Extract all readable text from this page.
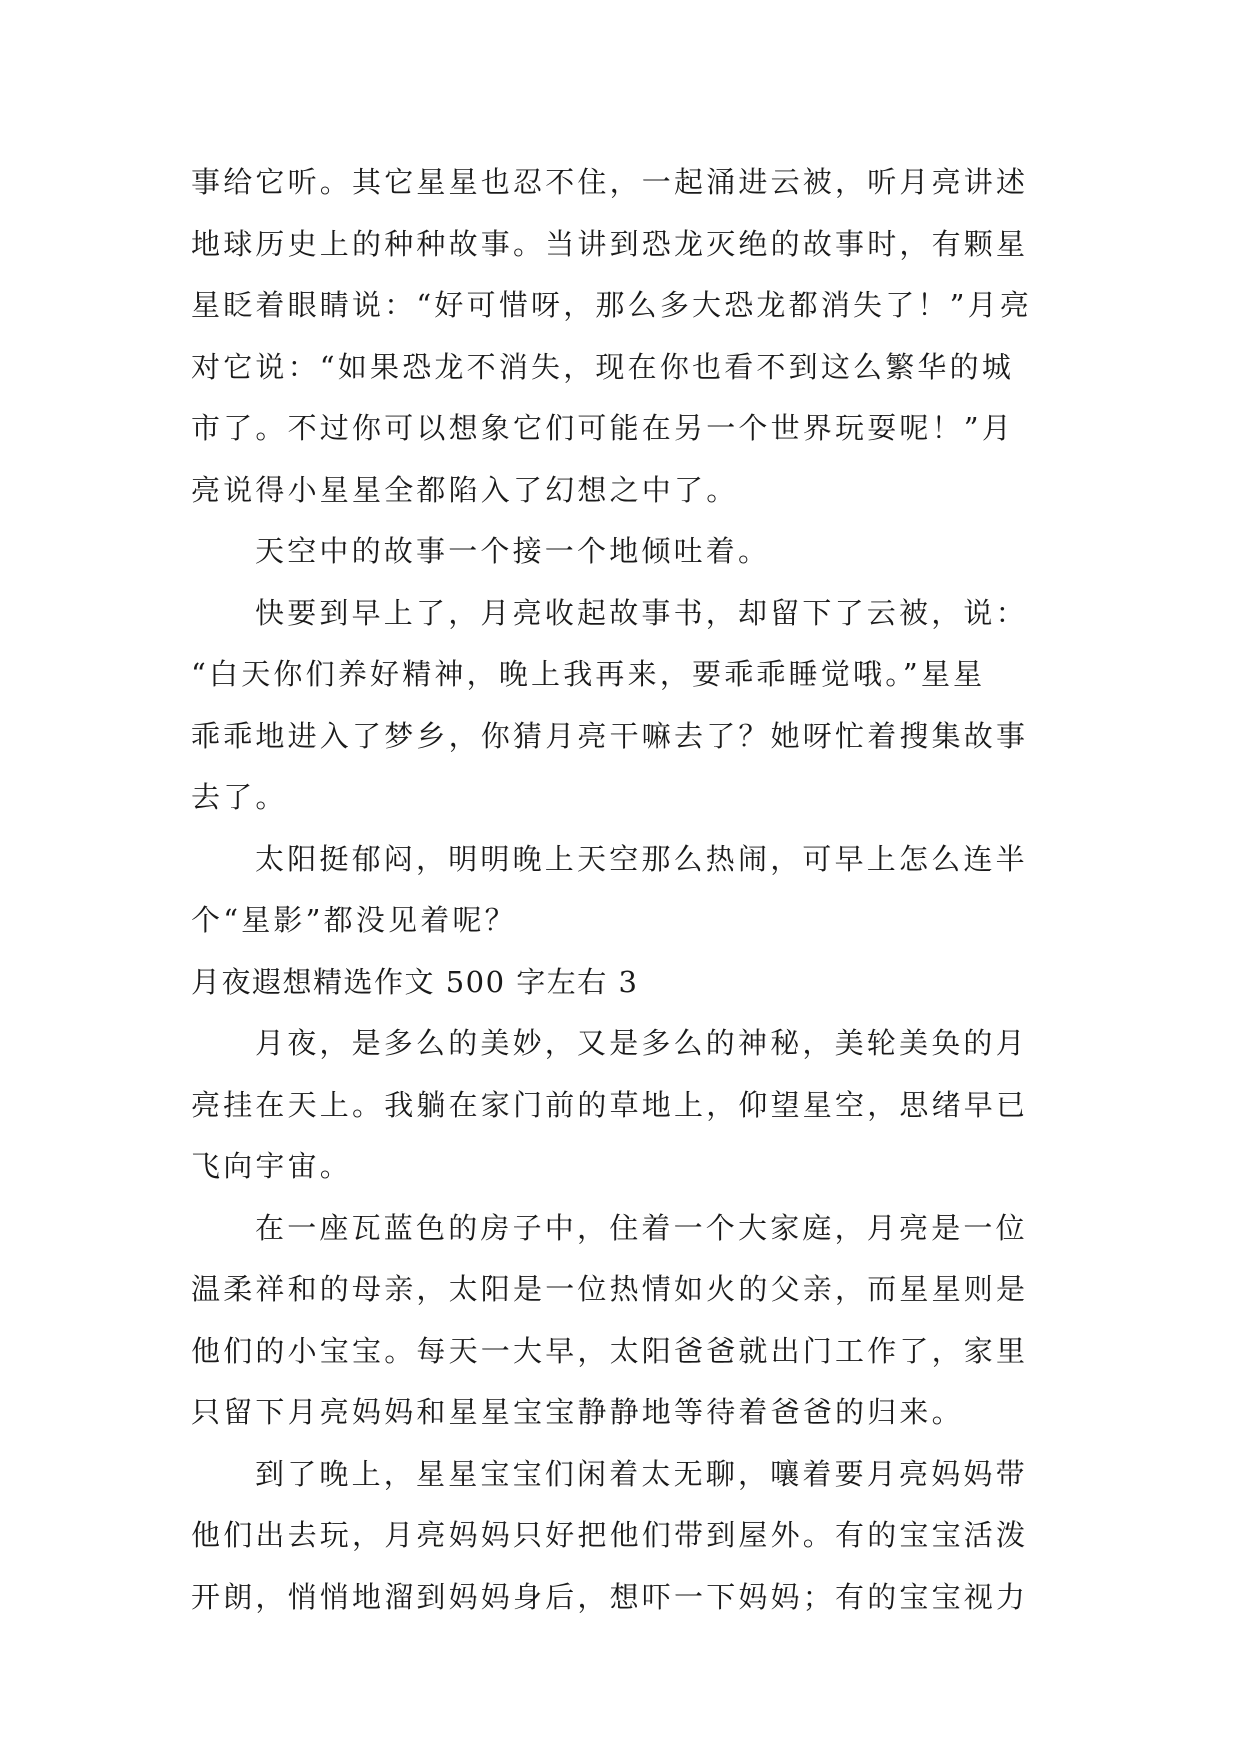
事给它听。其它星星也忍不住，一起涌进云被，听月亮讲述
地球历史上的种种故事。当讲到恐龙灭绝的故事时，有颗星
星眨着眼睛说：“好可惜呀，那么多大恐龙都消失了！”月亮
对它说：“如果恐龙不消失，现在你也看不到这么繁华的城
市了。不过你可以想象它们可能在另一个世界玩耍呢！”月
亮说得小星星全都陷入了幻想之中了。
天空中的故事一个接一个地倾吐着。
快要到早上了，月亮收起故事书，却留下了云被，说：
“白天你们养好精神，晚上我再来，要乖乖睡觉哦。”星星
乖乖地进入了梦乡，你猜月亮干嘛去了？她呀忙着搜集故事
去了。
太阳挺郁闷，明明晚上天空那么热闹，可早上怎么连半
个“星影”都没见着呢？
月夜遐想精选作文 500 字左右 3
月夜，是多么的美妙，又是多么的神秘，美轮美奂的月
亮挂在天上。我躺在家门前的草地上，仰望星空，思绪早已
飞向宇宙。
在一座瓦蓝色的房子中，住着一个大家庭，月亮是一位
温柔祥和的母亲，太阳是一位热情如火的父亲，而星星则是
他们的小宝宝。每天一大早，太阳爸爸就出门工作了，家里
只留下月亮妈妈和星星宝宝静静地等待着爸爸的归来。
到了晚上，星星宝宝们闲着太无聊，嚷着要月亮妈妈带
他们出去玩，月亮妈妈只好把他们带到屋外。有的宝宝活泼
开朗，悄悄地溜到妈妈身后，想吓一下妈妈；有的宝宝视力
